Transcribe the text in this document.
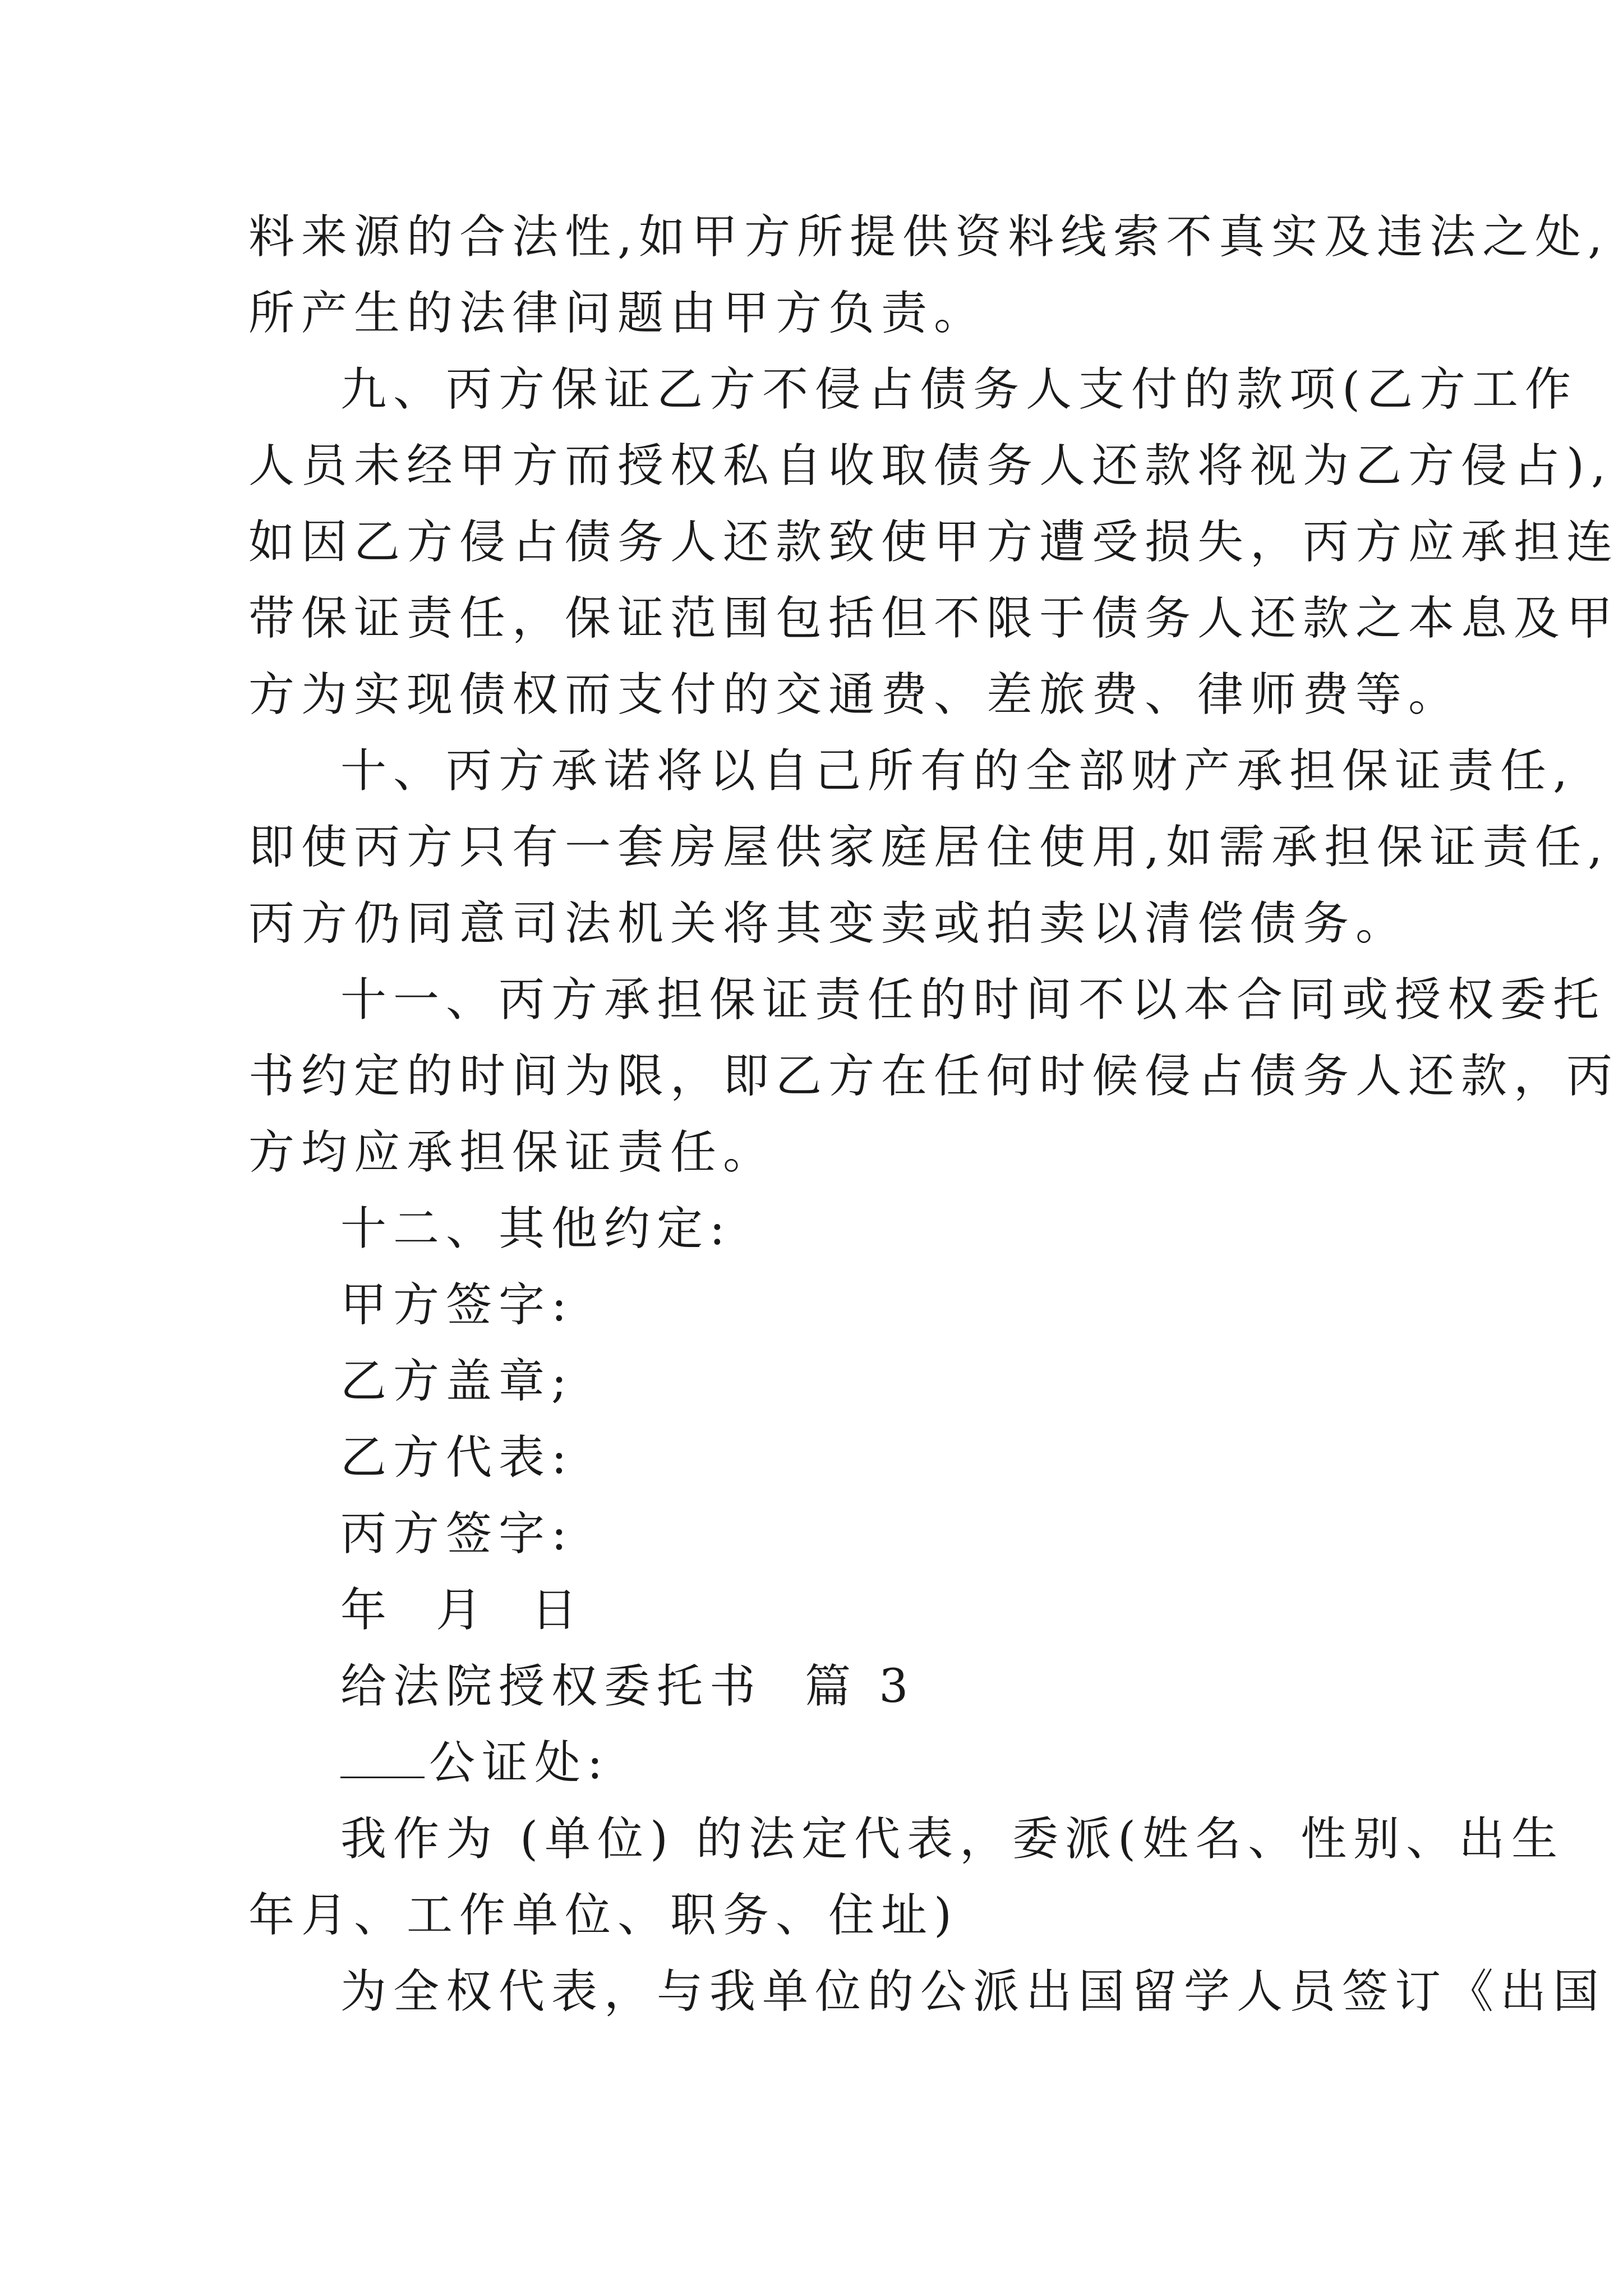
料来源的合法性,如甲方所提供资料线索不真实及违法之处,
所产生的法律问题由甲方负责。
九、丙方保证乙方不侵占债务人支付的款项(乙方工作
人员未经甲方而授权私自收取债务人还款将视为乙方侵占),
如因乙方侵占债务人还款致使甲方遭受损失，丙方应承担连
带保证责任，保证范围包括但不限于债务人还款之本息及甲
方为实现债权而支付的交通费、差旅费、律师费等。
十、丙方承诺将以自己所有的全部财产承担保证责任,
即使丙方只有一套房屋供家庭居住使用,如需承担保证责任,
丙方仍同意司法机关将其变卖或拍卖以清偿债务。
十一、丙方承担保证责任的时间不以本合同或授权委托
书约定的时间为限，即乙方在任何时候侵占债务人还款，丙
方均应承担保证责任。
十二、其他约定:
甲方签字:
乙方盖章;
乙方代表:
丙方签字:
年  月  日
给法院授权委托书  篇 3
公证处:
我作为 (单位) 的法定代表，委派(姓名、性别、出生
年月、工作单位、职务、住址)
为全权代表，与我单位的公派出国留学人员签订《出国
